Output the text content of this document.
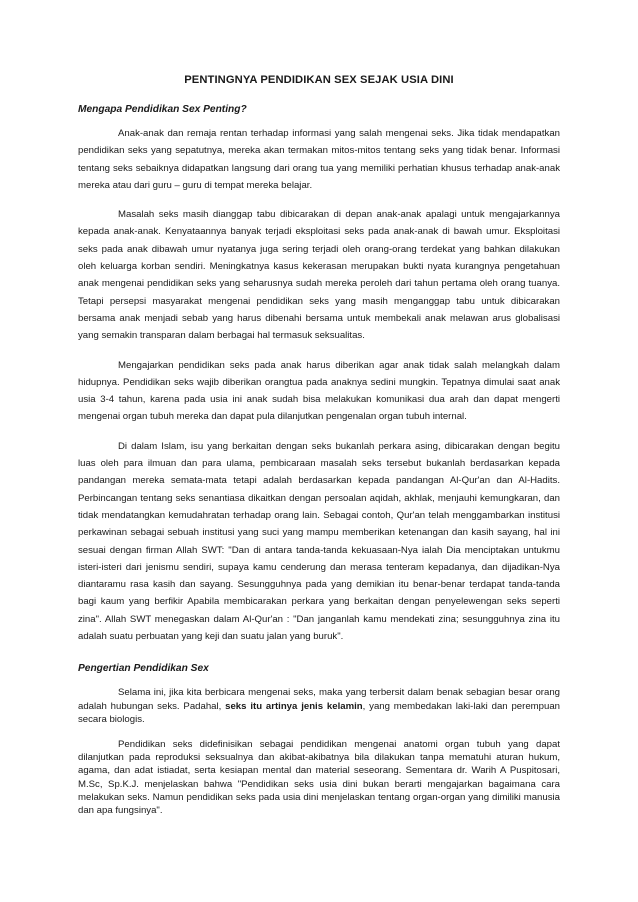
PENTINGNYA PENDIDIKAN SEX SEJAK USIA DINI
Mengapa Pendidikan Sex Penting?

Anak-anak dan remaja rentan terhadap informasi yang salah mengenai seks. Jika tidak mendapatkan pendidikan seks yang sepatutnya, mereka akan termakan mitos-mitos tentang seks yang tidak benar. Informasi tentang seks sebaiknya didapatkan langsung dari orang tua yang memiliki perhatian khusus terhadap anak-anak mereka atau dari guru – guru di tempat mereka belajar.

Masalah seks masih dianggap tabu dibicarakan di depan anak-anak apalagi untuk mengajarkannya kepada anak-anak. Kenyataannya banyak terjadi eksploitasi seks pada anak-anak di bawah umur. Eksploitasi seks pada anak dibawah umur nyatanya juga sering terjadi oleh orang-orang terdekat yang bahkan dilakukan oleh keluarga korban sendiri. Meningkatnya kasus kekerasan merupakan bukti nyata kurangnya pengetahuan anak mengenai pendidikan seks yang seharusnya sudah mereka peroleh dari tahun pertama oleh orang tuanya. Tetapi persepsi masyarakat mengenai pendidikan seks yang masih menganggap tabu untuk dibicarakan bersama anak menjadi sebab yang harus dibenahi bersama untuk membekali anak melawan arus globalisasi yang semakin transparan dalam berbagai hal termasuk seksualitas.

Mengajarkan pendidikan seks pada anak harus diberikan agar anak tidak salah melangkah dalam hidupnya. Pendidikan seks wajib diberikan orangtua pada anaknya sedini mungkin. Tepatnya dimulai saat anak usia 3-4 tahun, karena pada usia ini anak sudah bisa melakukan komunikasi dua arah dan dapat mengerti mengenai organ tubuh mereka dan dapat pula dilanjutkan pengenalan organ tubuh internal.

Di dalam Islam, isu yang berkaitan dengan seks bukanlah perkara asing, dibicarakan dengan begitu luas oleh para ilmuan dan para ulama, pembicaraan masalah seks tersebut bukanlah berdasarkan kepada pandangan mereka semata-mata tetapi adalah berdasarkan kepada pandangan Al-Qur'an dan Al-Hadits. Perbincangan tentang seks senantiasa dikaitkan dengan persoalan aqidah, akhlak, menjauhi kemungkaran, dan tidak mendatangkan kemudahratan terhadap orang lain. Sebagai contoh, Qur'an telah menggambarkan institusi perkawinan sebagai sebuah institusi yang suci yang mampu memberikan ketenangan dan kasih sayang, hal ini sesuai dengan firman Allah SWT: "Dan di antara tanda-tanda kekuasaan-Nya ialah Dia menciptakan untukmu isteri-isteri dari jenismu sendiri, supaya kamu cenderung dan merasa tenteram kepadanya, dan dijadikan-Nya diantaramu rasa kasih dan sayang. Sesungguhnya pada yang demikian itu benar-benar terdapat tanda-tanda bagi kaum yang berfikir Apabila membicarakan perkara yang berkaitan dengan penyelewengan seks seperti zina". Allah SWT menegaskan dalam Al-Qur'an : "Dan janganlah kamu mendekati zina; sesungguhnya zina itu adalah suatu perbuatan yang keji dan suatu jalan yang buruk".

Pengertian Pendidikan Sex

Selama ini, jika kita berbicara mengenai seks, maka yang terbersit dalam benak sebagian besar orang adalah hubungan seks. Padahal, seks itu artinya jenis kelamin, yang membedakan laki-laki dan perempuan secara biologis.

Pendidikan seks didefinisikan sebagai pendidikan mengenai anatomi organ tubuh yang dapat dilanjutkan pada reproduksi seksualnya dan akibat-akibatnya bila dilakukan tanpa mematuhi aturan hukum, agama, dan adat istiadat, serta kesiapan mental dan material seseorang. Sementara dr. Warih A Puspitosari, M.Sc, Sp.K.J. menjelaskan bahwa "Pendidikan seks usia dini bukan berarti mengajarkan bagaimana cara melakukan seks. Namun pendidikan seks pada usia dini menjelaskan tentang organ-organ yang dimiliki manusia dan apa fungsinya".
